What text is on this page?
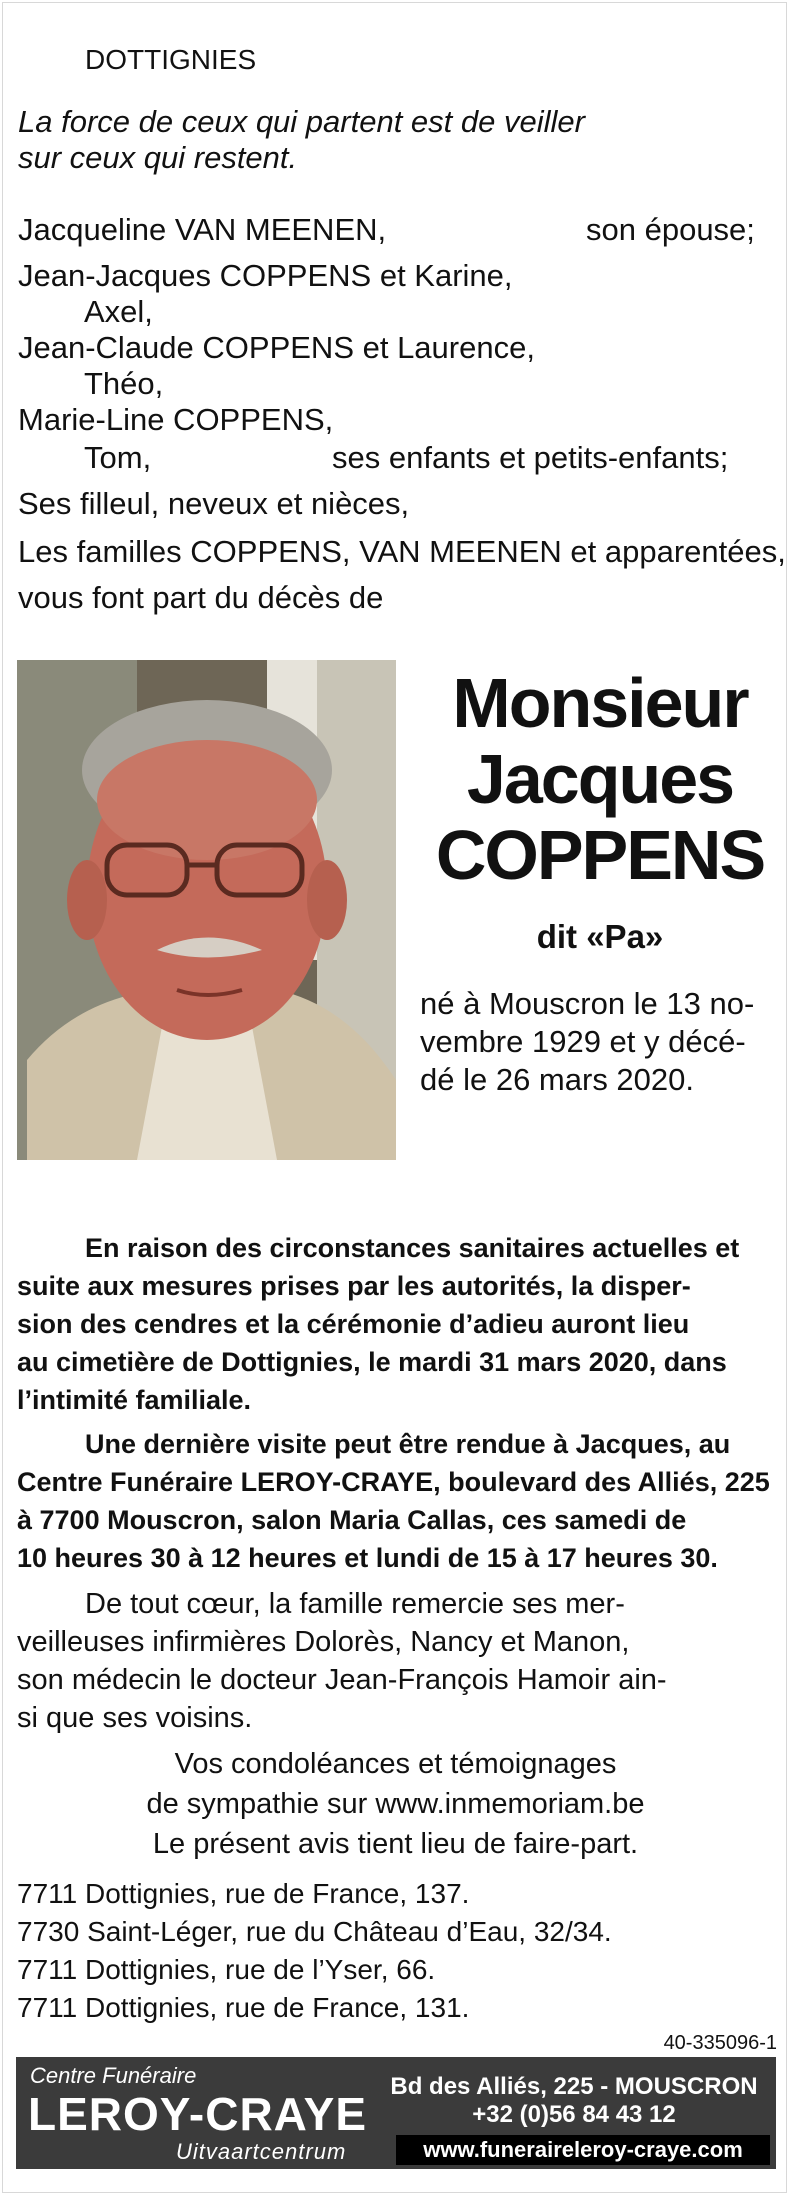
DOTTIGNIES
La force de ceux qui partent est de veiller
sur ceux qui restent.
Jacqueline VAN MEENEN,	son épouse;
Jean-Jacques COPPENS et Karine,
Axel,
Jean-Claude COPPENS et Laurence,
Théo,
Marie-Line COPPENS,
Tom,	ses enfants et petits-enfants;
Ses filleul, neveux et nièces,
Les familles COPPENS, VAN MEENEN et apparentées,
vous font part du décès de
Monsieur
Jacques
COPPENS
dit «Pa»
né à Mouscron le 13 no-
vembre 1929 et y décé-
dé le 26 mars 2020.
En raison des circonstances sanitaires actuelles et
suite aux mesures prises par les autorités, la disper-
sion des cendres et la cérémonie d’adieu auront lieu
au cimetière de Dottignies, le mardi 31 mars 2020, dans
l’intimité familiale.
Une dernière visite peut être rendue à Jacques, au
Centre Funéraire LEROY-CRAYE, boulevard des Alliés, 225
à 7700 Mouscron, salon Maria Callas, ces samedi de
10 heures 30 à 12 heures et lundi de 15 à 17 heures 30.
De tout cœur, la famille remercie ses mer-
veilleuses infirmières Dolorès, Nancy et Manon,
son médecin le docteur Jean-François Hamoir ain-
si que ses voisins.
Vos condoléances et témoignages
de sympathie sur www.inmemoriam.be
Le présent avis tient lieu de faire-part.
7711 Dottignies, rue de France, 137.
7730 Saint-Léger, rue du Château d’Eau, 32/34.
7711 Dottignies, rue de l’Yser, 66.
7711 Dottignies, rue de France, 131.
40-335096-1
Centre Funéraire
LEROY-CRAYE
Uitvaartcentrum
Bd des Alliés, 225 - MOUSCRON
+32 (0)56 84 43 12
www.funeraireleroy-craye.com
